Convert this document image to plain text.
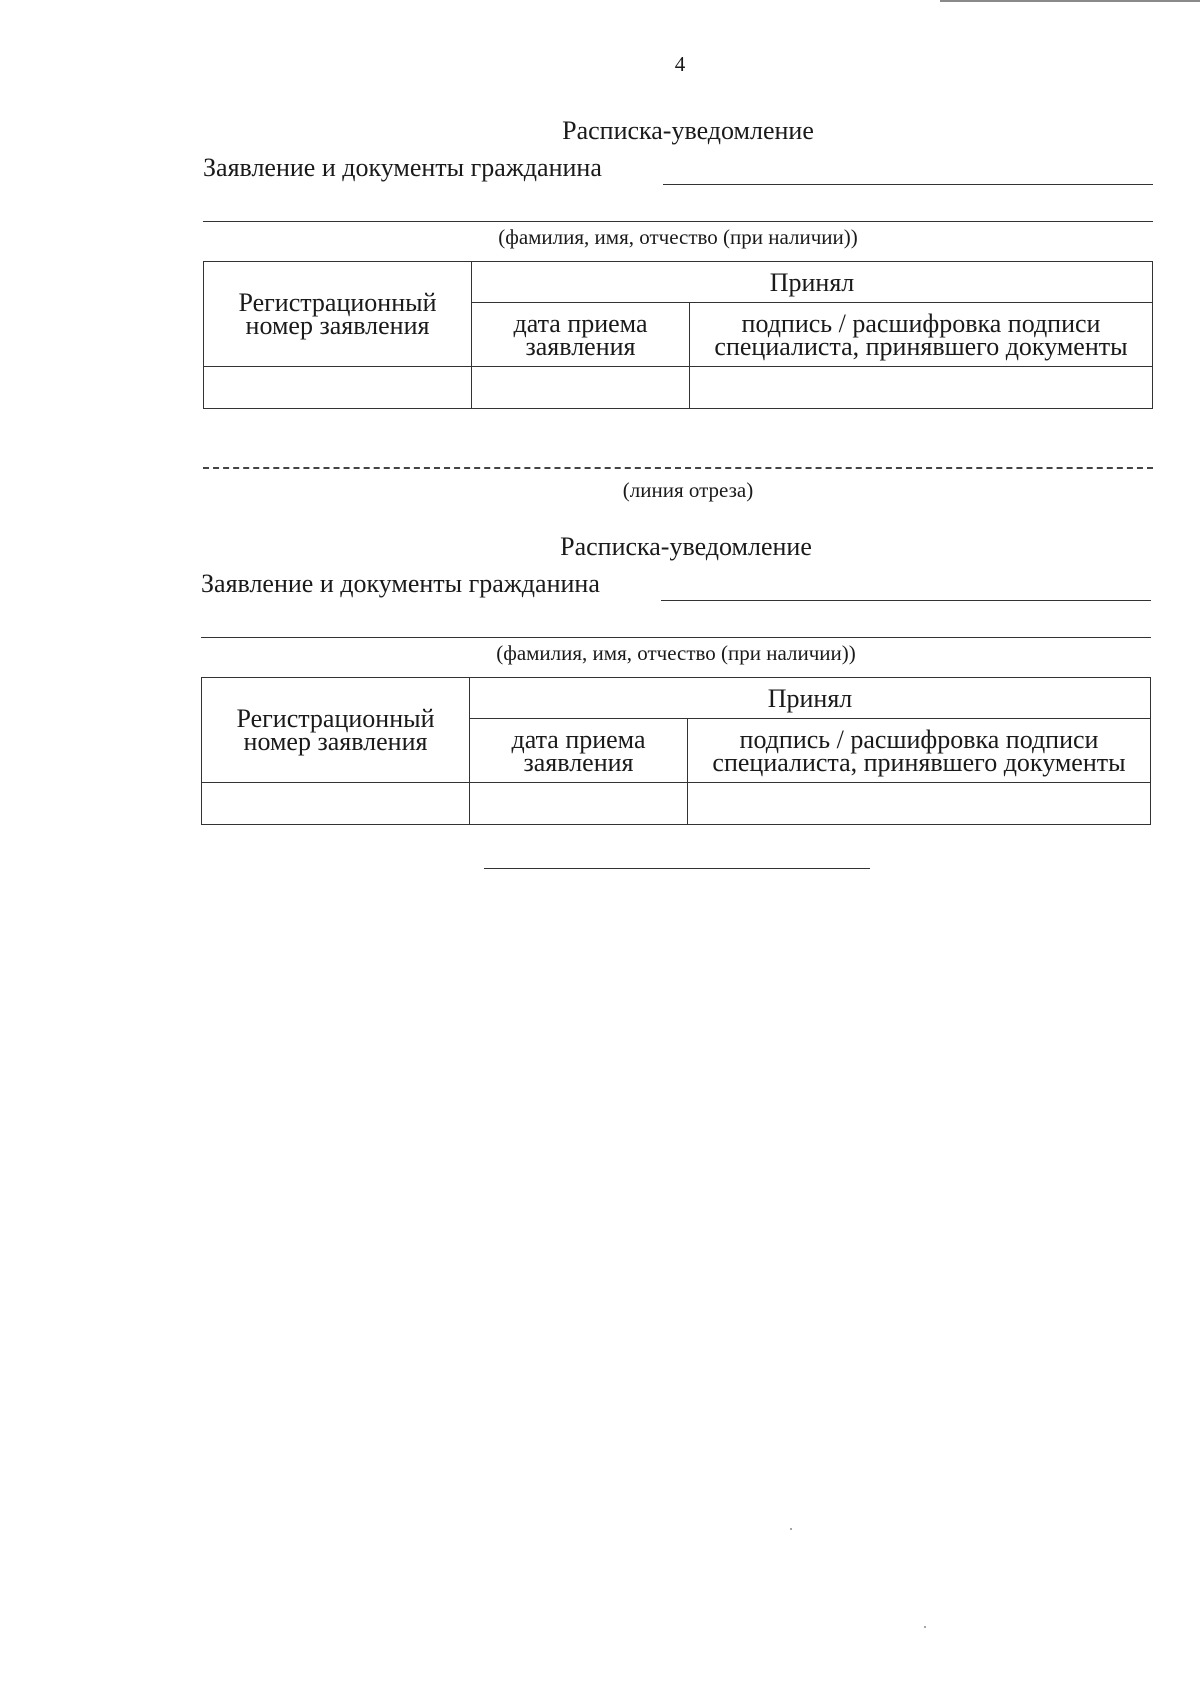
4
Расписка-уведомление
Заявление и документы гражданина
(фамилия, имя, отчество (при наличии))
Регистрационный номер заявления	Принял	
	дата приема заявления	подпись / расшифровка подписи специалиста, принявшего документы

(линия отреза)
Расписка-уведомление
Заявление и документы гражданина
(фамилия, имя, отчество (при наличии))
Регистрационный номер заявления	Принял	
	дата приема заявления	подпись / расшифровка подписи специалиста, принявшего документы
